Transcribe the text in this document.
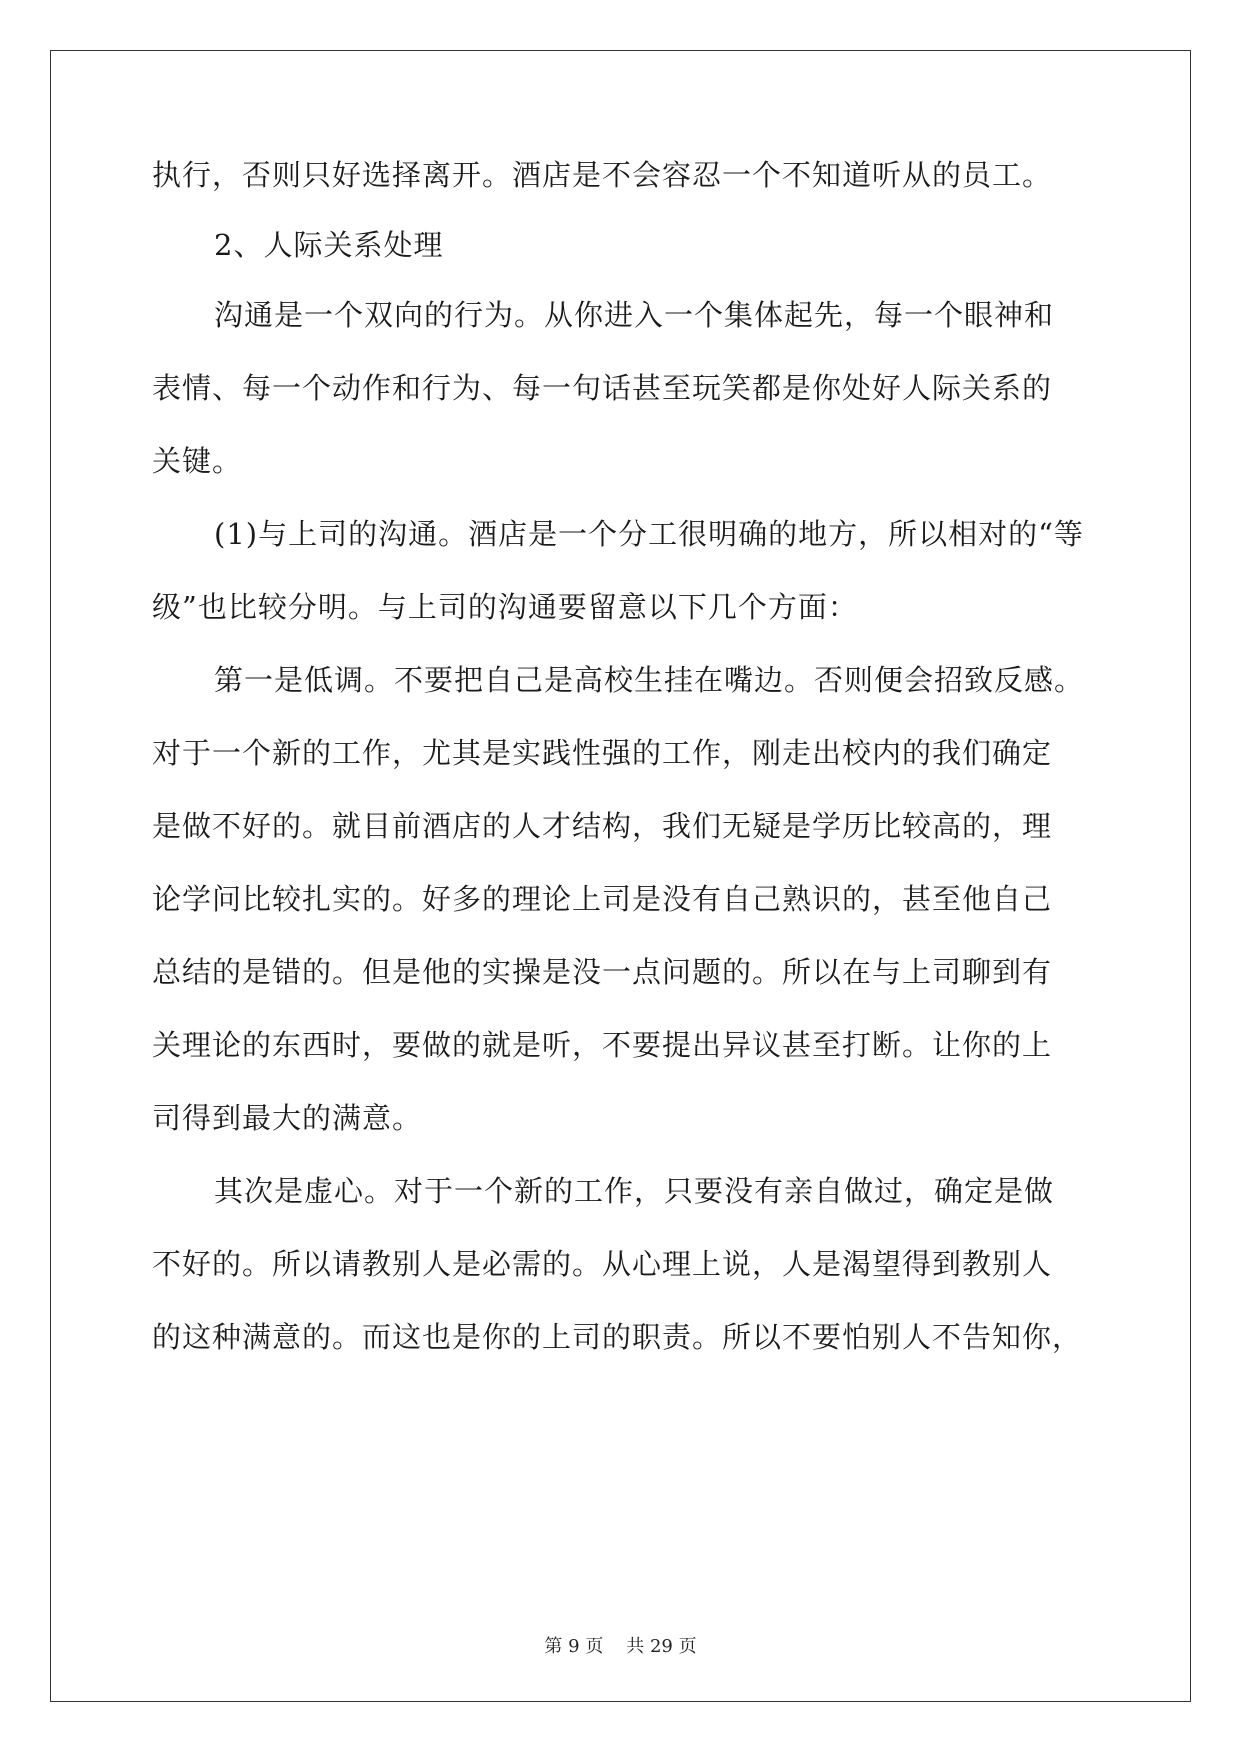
执行，否则只好选择离开。酒店是不会容忍一个不知道听从的员工。
2、人际关系处理
沟通是一个双向的行为。从你进入一个集体起先，每一个眼神和
表情、每一个动作和行为、每一句话甚至玩笑都是你处好人际关系的
关键。
(1)与上司的沟通。酒店是一个分工很明确的地方，所以相对的“等
级”也比较分明。与上司的沟通要留意以下几个方面：
第一是低调。不要把自己是高校生挂在嘴边。否则便会招致反感。
对于一个新的工作，尤其是实践性强的工作，刚走出校内的我们确定
是做不好的。就目前酒店的人才结构，我们无疑是学历比较高的，理
论学问比较扎实的。好多的理论上司是没有自己熟识的，甚至他自己
总结的是错的。但是他的实操是没一点问题的。所以在与上司聊到有
关理论的东西时，要做的就是听，不要提出异议甚至打断。让你的上
司得到最大的满意。
其次是虚心。对于一个新的工作，只要没有亲自做过，确定是做
不好的。所以请教别人是必需的。从心理上说，人是渴望得到教别人
的这种满意的。而这也是你的上司的职责。所以不要怕别人不告知你，
第 9 页 共 29 页
